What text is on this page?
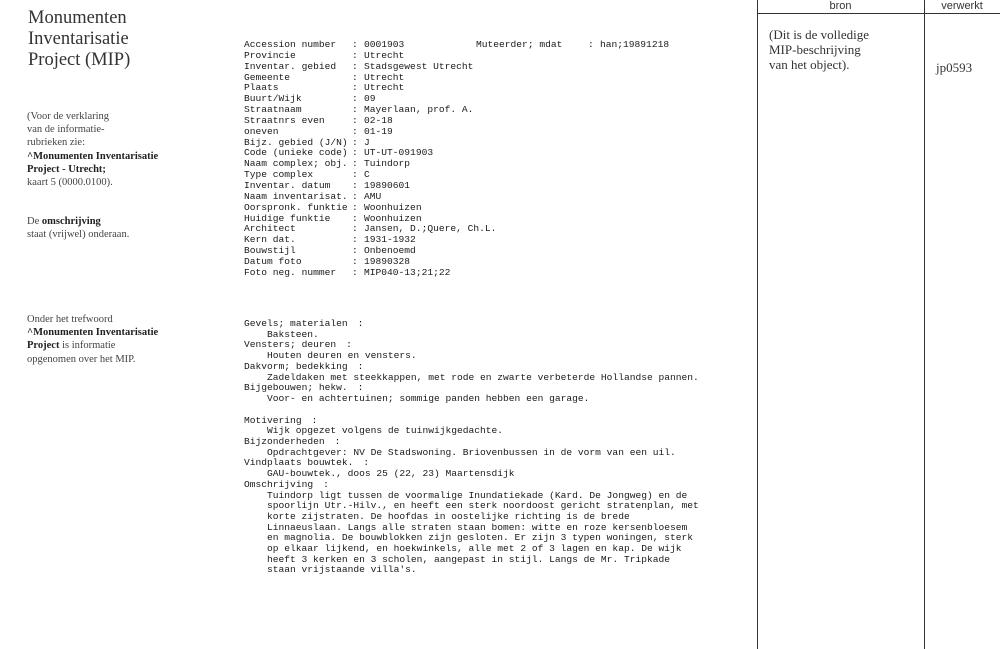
Monumenten
Inventarisatie
Project (MIP)
(Voor de verklaring
van de informatie-
rubrieken zie:
^Monumenten Inventarisatie
Project - Utrecht;
kaart 5 (0000.0100).
De omschrijving
staat (vrijwel) onderaan.
Onder het trefwoord
^Monumenten Inventarisatie
Project is informatie
opgenomen over het MIP.
Accession number : 0001903	Muteerder; mdat	: han;19891218
Provincie	: Utrecht
Inventar. gebied : Stadsgewest Utrecht
Gemeente	: Utrecht
Plaats	: Utrecht
Buurt/Wijk	: 09
Straatnaam	: Mayerlaan, prof. A.
Straatnrs even	: 02-18
oneven	: 01-19
Bijz. gebied (J/N) : J
Code (unieke code) : UT-UT-091903
Naam complex; obj. : Tuindorp
Type complex	: C
Inventar. datum : 19890601
Naam inventarisat. : AMU
Oorspronk. funktie : Woonhuizen
Huidige funktie : Woonhuizen
Architect	: Jansen, D.;Quere, Ch.L.
Kern dat.	: 1931-1932
Bouwstijl	: Onbenoemd
Datum foto	: 19890328
Foto neg. nummer : MIP040-13;21;22
Gevels; materialen :
Baksteen.
Vensters; deuren :
Houten deuren en vensters.
Dakvorm; bedekking :
Zadeldaken met steekkappen, met rode en zwarte verbeterde Hollandse pannen.
Bijgebouwen; hekw. :
Voor- en achtertuinen; sommige panden hebben een garage.
Motivering :
Wijk opgezet volgens de tuinwijkgedachte.
Bijzonderheden :
Opdrachtgever: NV De Stadswoning. Briovenbussen in de vorm van een uil.
Vindplaats bouwtek. :
GAU-bouwtek., doos 25 (22, 23) Maartensdijk
Omschrijving :
Tuindorp ligt tussen de voormalige Inundatiekade (Kard. De Jongweg) en de
spoorlijn Utr.-Hilv., en heeft een sterk noordoost gericht stratenplan, met
korte zijstraten. De hoofdas in oostelijke richting is de brede
Linnaeuslaan. Langs alle straten staan bomen: witte en roze kersenbloesem
en magnolia. De bouwblokken zijn gesloten. Er zijn 3 typen woningen, sterk
op elkaar lijkend, en hoekwinkels, alle met 2 of 3 lagen en kap. De wijk
heeft 3 kerken en 3 scholen, aangepast in stijl. Langs de Mr. Tripkade
staan vrijstaande villa's.
bron	verwerkt
(Dit is de volledige
MIP-beschrijving
van het object).	jp0593
